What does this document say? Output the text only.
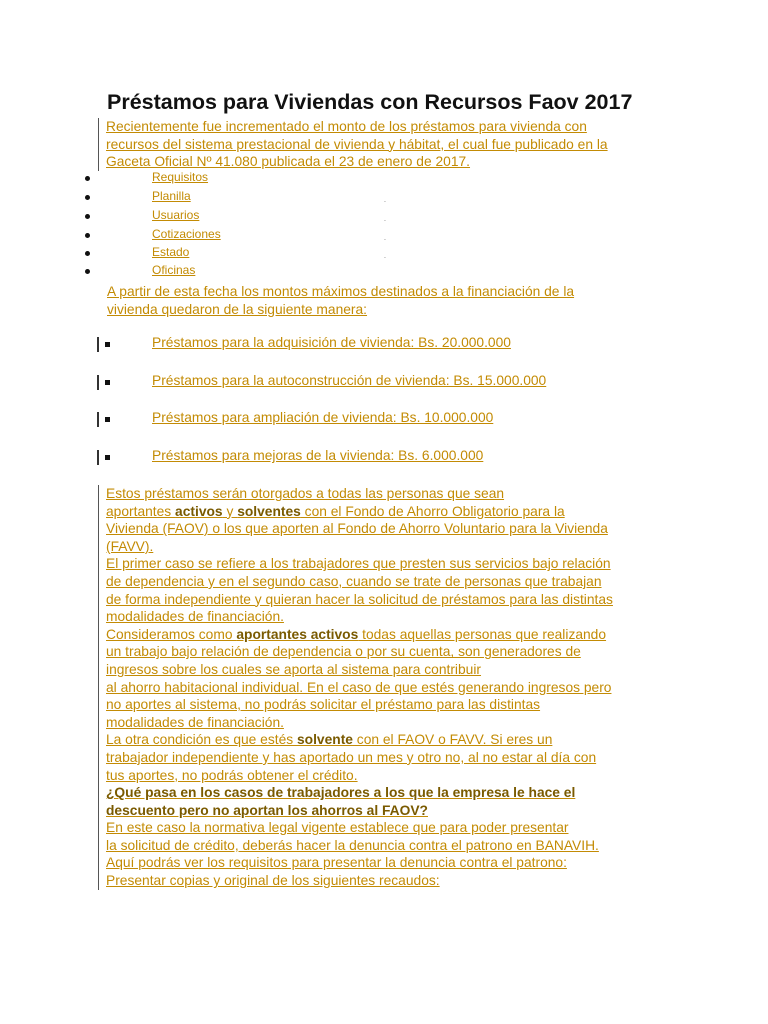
Préstamos para Viviendas con Recursos Faov 2017
Recientemente fue incrementado el monto de los préstamos para vivienda con
recursos del sistema prestacional de vivienda y hábitat, el cual fue publicado en la
Gaceta Oficial Nº 41.080 publicada el 23 de enero de 2017.
Requisitos
Planilla	.
Usuarios	.
Cotizaciones	.
Estado	.
Oficinas
A partir de esta fecha los montos máximos destinados a la financiación de la
vivienda quedaron de la siguiente manera:
Préstamos para la adquisición de vivienda: Bs. 20.000.000
Préstamos para la autoconstrucción de vivienda: Bs. 15.000.000
Préstamos para ampliación de vivienda: Bs. 10.000.000
Préstamos para mejoras de la vivienda: Bs. 6.000.000
Estos préstamos serán otorgados a todas las personas que sean
aportantes activos y solventes con el Fondo de Ahorro Obligatorio para la
Vivienda (FAOV) o los que aporten al Fondo de Ahorro Voluntario para la Vivienda
(FAVV).
El primer caso se refiere a los trabajadores que presten sus servicios bajo relación
de dependencia y en el segundo caso, cuando se trate de personas que trabajan
de forma independiente y quieran hacer la solicitud de préstamos para las distintas
modalidades de financiación.
Consideramos como aportantes activos todas aquellas personas que realizando
un trabajo bajo relación de dependencia o por su cuenta, son generadores de
ingresos sobre los cuales se aporta al sistema para contribuir
al ahorro habitacional individual. En el caso de que estés generando ingresos pero
no aportes al sistema, no podrás solicitar el préstamo para las distintas
modalidades de financiación.
La otra condición es que estés solvente con el FAOV o FAVV. Si eres un
trabajador independiente y has aportado un mes y otro no, al no estar al día con
tus aportes, no podrás obtener el crédito.
¿Qué pasa en los casos de trabajadores a los que la empresa le hace el
descuento pero no aportan los ahorros al FAOV?
En este caso la normativa legal vigente establece que para poder presentar
la solicitud de crédito, deberás hacer la denuncia contra el patrono en BANAVIH.
Aquí podrás ver los requisitos para presentar la denuncia contra el patrono:
Presentar copias y original de los siguientes recaudos:
